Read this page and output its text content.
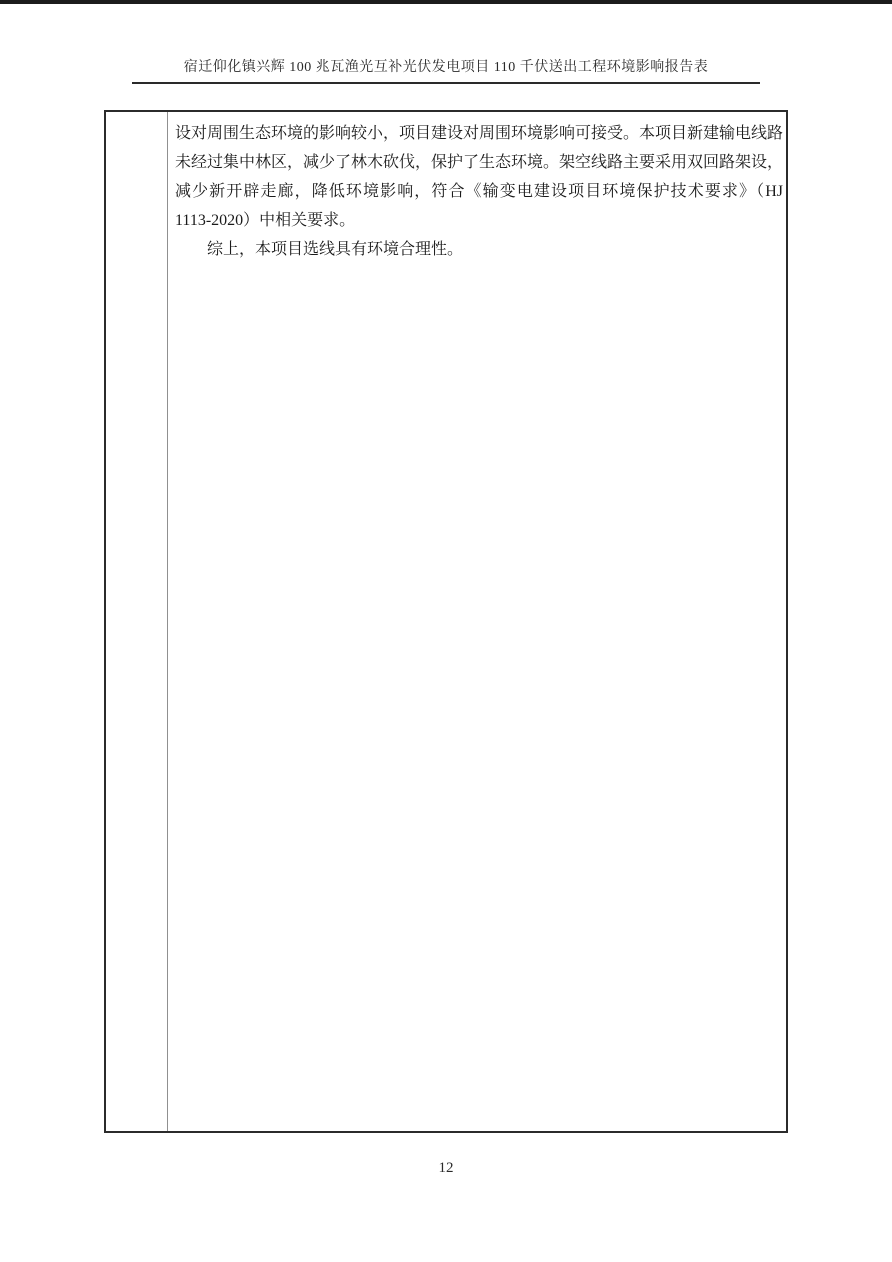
宿迁仰化镇兴辉 100 兆瓦渔光互补光伏发电项目 110 千伏送出工程环境影响报告表

设对周围生态环境的影响较小，项目建设对周围环境影响可接受。本项目新建输电线路未经过集中林区，减少了林木砍伐，保护了生态环境。架空线路主要采用双回路架设，减少新开辟走廊，降低环境影响，符合《输变电建设项目环境保护技术要求》（HJ 1113-2020）中相关要求。

综上，本项目选线具有环境合理性。

12
